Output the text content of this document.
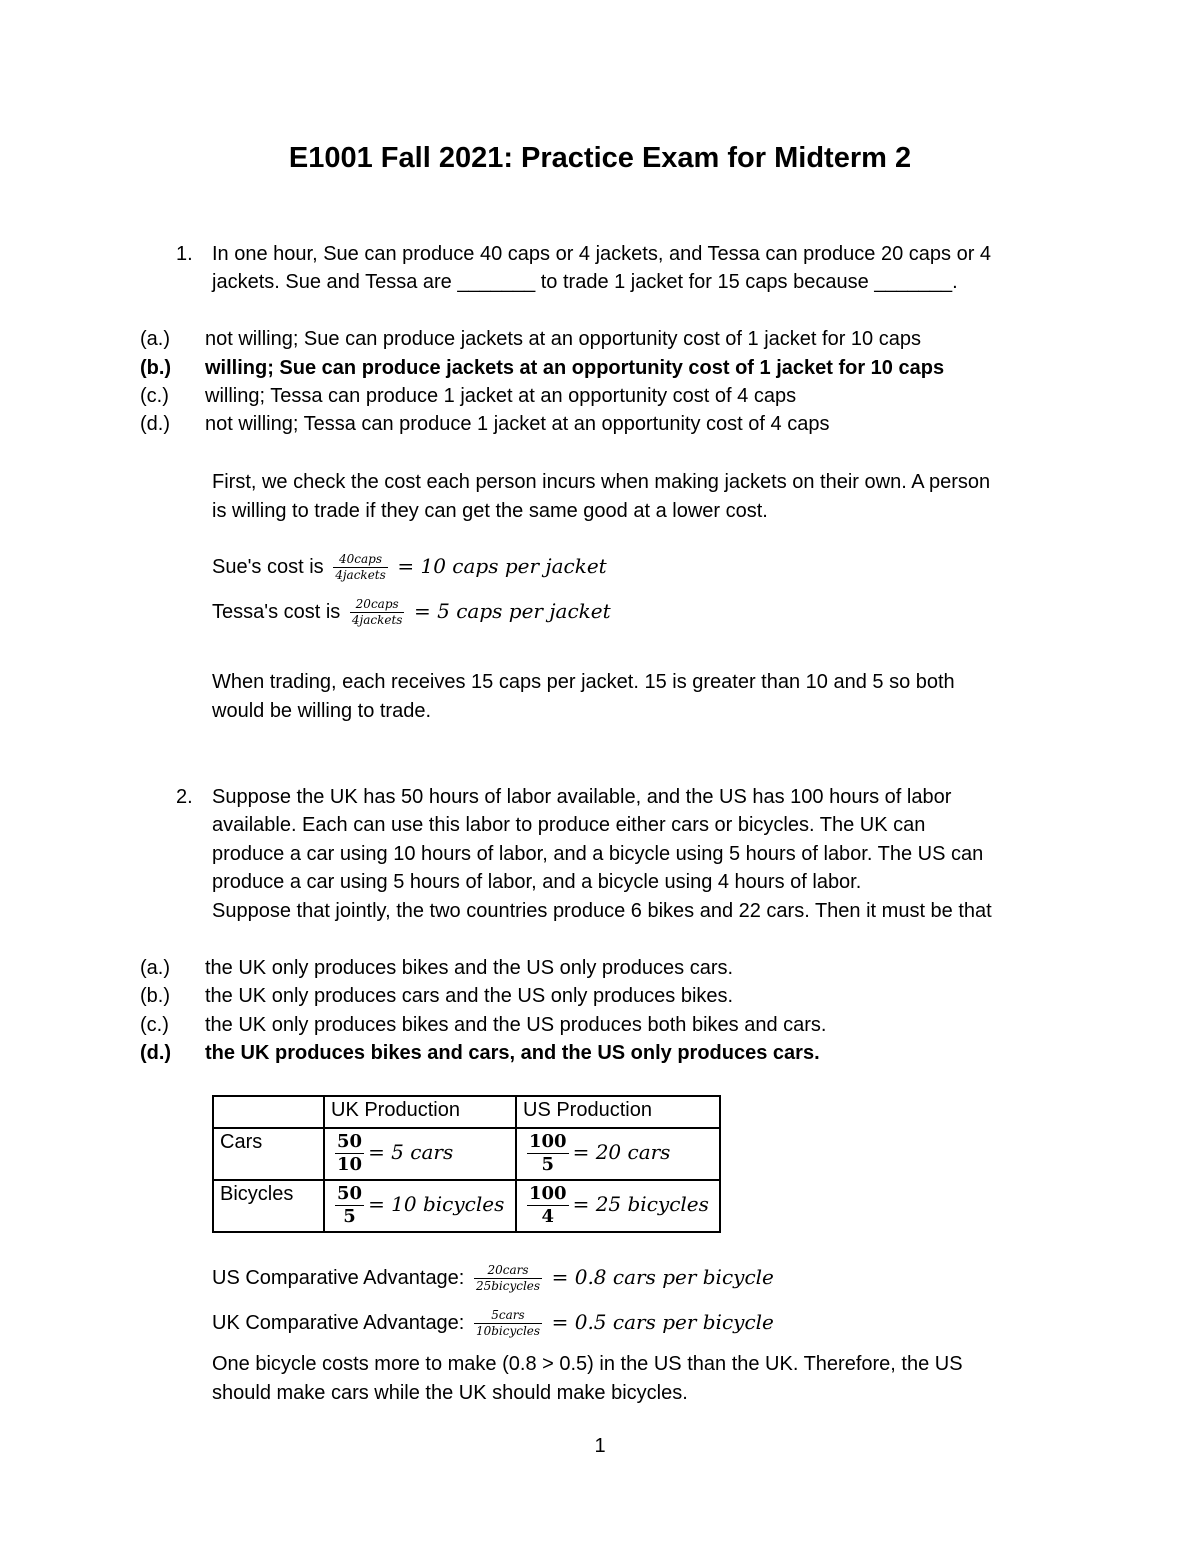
E1001 Fall 2021: Practice Exam for Midterm 2
1. In one hour, Sue can produce 40 caps or 4 jackets, and Tessa can produce 20 caps or 4
jackets. Sue and Tessa are _______ to trade 1 jacket for 15 caps because _______.
(a.) not willing; Sue can produce jackets at an opportunity cost of 1 jacket for 10 caps
(b.) willing; Sue can produce jackets at an opportunity cost of 1 jacket for 10 caps
(c.) willing; Tessa can produce 1 jacket at an opportunity cost of 4 caps
(d.) not willing; Tessa can produce 1 jacket at an opportunity cost of 4 caps
First, we check the cost each person incurs when making jackets on their own. A person
is willing to trade if they can get the same good at a lower cost.
Sue's cost is $\frac{\text{40caps}}{\text{4jackets}} = 10$ caps per jacket
Tessa's cost is $\frac{\text{20caps}}{\text{4jackets}} = 5$ caps per jacket
When trading, each receives 15 caps per jacket. 15 is greater than 10 and 5 so both
would be willing to trade.
2. Suppose the UK has 50 hours of labor available, and the US has 100 hours of labor
available. Each can use this labor to produce either cars or bicycles. The UK can
produce a car using 10 hours of labor, and a bicycle using 5 hours of labor. The US can
produce a car using 5 hours of labor, and a bicycle using 4 hours of labor.
Suppose that jointly, the two countries produce 6 bikes and 22 cars. Then it must be that
(a.) the UK only produces bikes and the US only produces cars.
(b.) the UK only produces cars and the US only produces bikes.
(c.) the UK only produces bikes and the US produces both bikes and cars.
(d.) the UK produces bikes and cars, and the US only produces cars.
	UK Production	US Production
Cars	$\frac{50}{10} = 5$ cars	$\frac{100}{5} = 20$ cars
Bicycles	$\frac{50}{5} = 10$ bicycles	$\frac{100}{4} = 25$ bicycles
US Comparative Advantage: $\frac{\text{20cars}}{\text{25bicycles}} = 0.8$ cars per bicycle
UK Comparative Advantage: $\frac{\text{5cars}}{\text{10bicycles}} = 0.5$ cars per bicycle
One bicycle costs more to make (0.8 > 0.5) in the US than the UK. Therefore, the US
should make cars while the UK should make bicycles.
1
